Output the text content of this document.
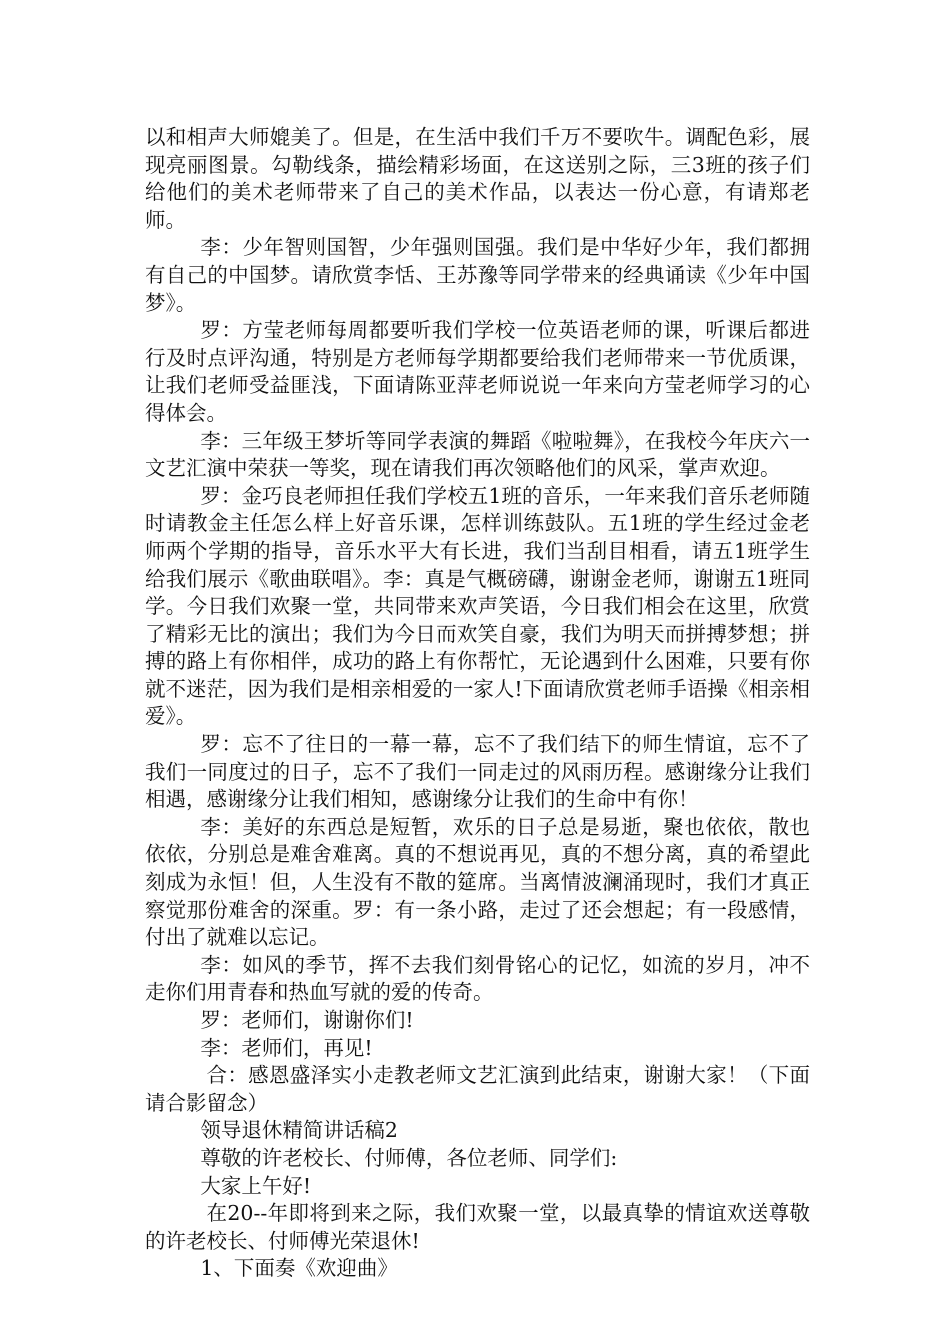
以和相声大师媲美了。但是，在生活中我们千万不要吹牛。调配色彩，展现亮丽图景。勾勒线条，描绘精彩场面，在这送别之际，三3班的孩子们给他们的美术老师带来了自己的美术作品，以表达一份心意，有请郑老师。

李：少年智则国智，少年强则国强。我们是中华好少年，我们都拥有自己的中国梦。请欣赏李恬、王苏豫等同学带来的经典诵读《少年中国梦》。

罗：方莹老师每周都要听我们学校一位英语老师的课，听课后都进行及时点评沟通，特别是方老师每学期都要给我们老师带来一节优质课，让我们老师受益匪浅，下面请陈亚萍老师说说一年来向方莹老师学习的心得体会。

李：三年级王梦圻等同学表演的舞蹈《啦啦舞》，在我校今年庆六一文艺汇演中荣获一等奖，现在请我们再次领略他们的风采，掌声欢迎。

罗：金巧良老师担任我们学校五1班的音乐，一年来我们音乐老师随时请教金主任怎么样上好音乐课，怎样训练鼓队。五1班的学生经过金老师两个学期的指导，音乐水平大有长进，我们当刮目相看，请五1班学生给我们展示《歌曲联唱》。李：真是气概磅礴，谢谢金老师，谢谢五1班同学。今日我们欢聚一堂，共同带来欢声笑语，今日我们相会在这里，欣赏了精彩无比的演出；我们为今日而欢笑自豪，我们为明天而拼搏梦想；拼搏的路上有你相伴，成功的路上有你帮忙，无论遇到什么困难，只要有你就不迷茫，因为我们是相亲相爱的一家人!下面请欣赏老师手语操《相亲相爱》。

罗：忘不了往日的一幕一幕，忘不了我们结下的师生情谊，忘不了我们一同度过的日子，忘不了我们一同走过的风雨历程。感谢缘分让我们相遇，感谢缘分让我们相知，感谢缘分让我们的生命中有你！

李：美好的东西总是短暂，欢乐的日子总是易逝，聚也依依，散也依依，分别总是难舍难离。真的不想说再见，真的不想分离，真的希望此刻成为永恒！但，人生没有不散的筵席。当离情波澜涌现时，我们才真正察觉那份难舍的深重。罗：有一条小路，走过了还会想起；有一段感情，付出了就难以忘记。

李：如风的季节，挥不去我们刻骨铭心的记忆，如流的岁月，冲不走你们用青春和热血写就的爱的传奇。

罗：老师们，谢谢你们!

李：老师们，再见!

合：感恩盛泽实小走教老师文艺汇演到此结束，谢谢大家！（下面请合影留念）

领导退休精简讲话稿2

尊敬的许老校长、付师傅，各位老师、同学们:

大家上午好!

在20--年即将到来之际，我们欢聚一堂，以最真挚的情谊欢送尊敬的许老校长、付师傅光荣退休!

1、下面奏《欢迎曲》
